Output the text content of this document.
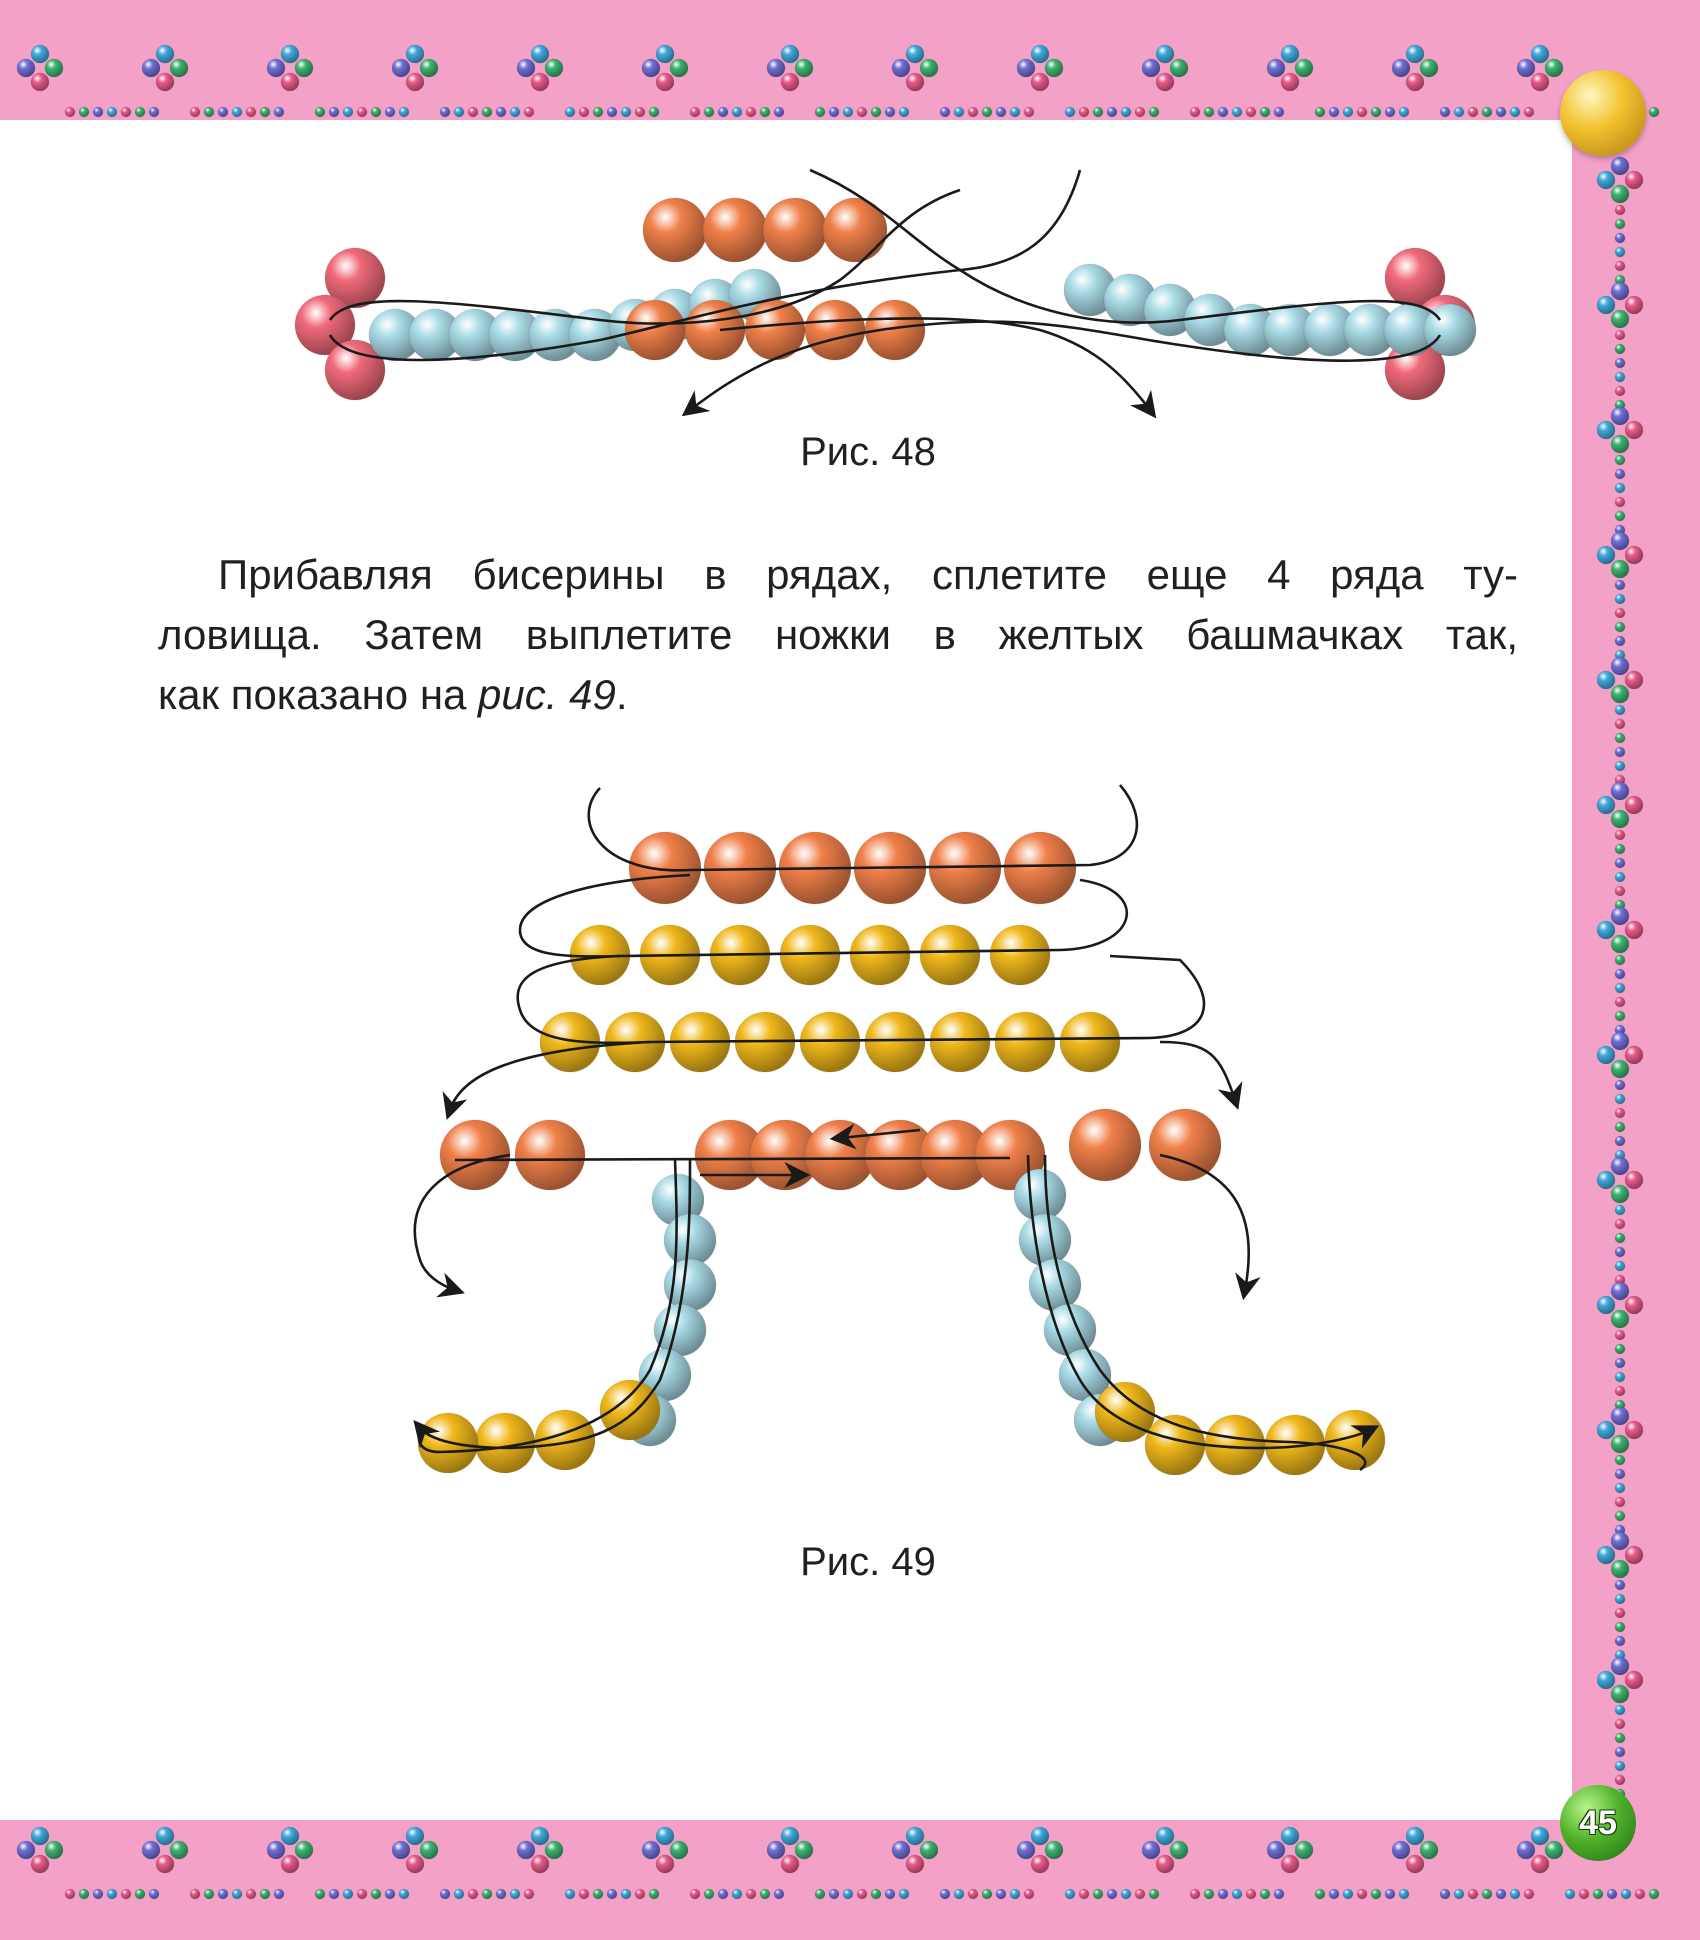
Рис. 48

Прибавляя бисерины в рядах, сплетите еще 4 ряда ту-
ловища. Затем выплетите ножки в желтых башмачках так,
как показано на рис. 49.

Рис. 49

45
